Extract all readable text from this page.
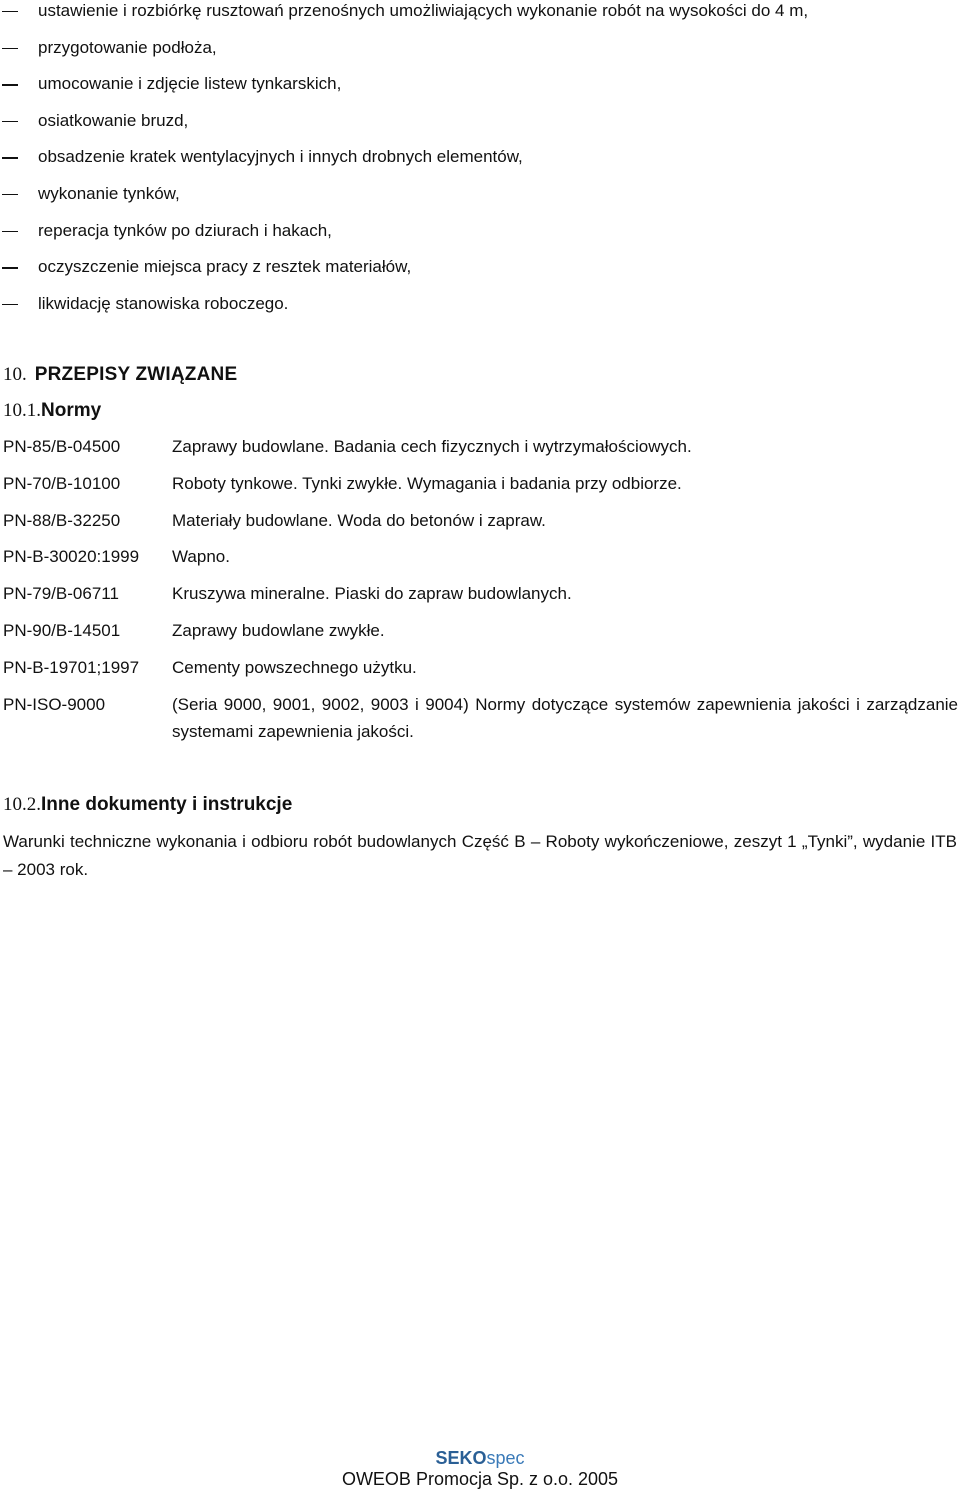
ustawienie i rozbiórkę rusztowań przenośnych umożliwiających wykonanie robót na wysokości do 4 m,
przygotowanie podłoża,
umocowanie i zdjęcie listew tynkarskich,
osiatkowanie bruzd,
obsadzenie kratek wentylacyjnych i innych drobnych elementów,
wykonanie tynków,
reperacja tynków po dziurach i hakach,
oczyszczenie miejsca pracy z resztek materiałów,
likwidację stanowiska roboczego.
10. PRZEPISY ZWIĄZANE
10.1.Normy
PN-85/B-04500	Zaprawy budowlane. Badania cech fizycznych i wytrzymałościowych.
PN-70/B-10100	Roboty tynkowe. Tynki zwykłe. Wymagania i badania przy odbiorze.
PN-88/B-32250	Materiały budowlane. Woda do betonów i zapraw.
PN-B-30020:1999 Wapno.
PN-79/B-06711	Kruszywa mineralne. Piaski do zapraw budowlanych.
PN-90/B-14501	Zaprawy budowlane zwykłe.
PN-B-19701;1997 Cementy powszechnego użytku.
PN-ISO-9000	(Seria 9000, 9001, 9002, 9003 i 9004) Normy dotyczące systemów zapewnienia jakości i zarządzanie systemami zapewnienia jakości.
10.2.Inne dokumenty i instrukcje

Warunki techniczne wykonania i odbioru robót budowlanych Część B – Roboty wykończeniowe, zeszyt 1 „Tynki”, wydanie ITB – 2003 rok.

SEKOspec
OWEOB Promocja Sp. z o.o. 2005
